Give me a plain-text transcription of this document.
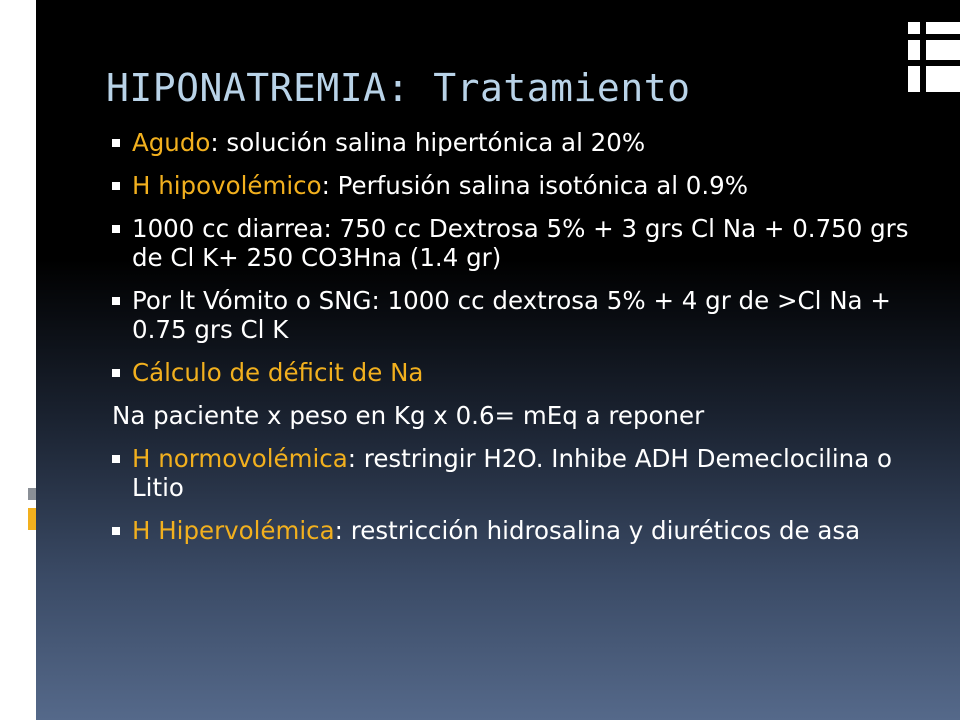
HIPONATREMIA: Tratamiento
Agudo: solución salina hipertónica al 20%
H hipovolémico: Perfusión salina isotónica al 0.9%
1000 cc diarrea: 750 cc Dextrosa 5% + 3 grs Cl Na + 0.750 grs de Cl K+ 250 CO3Hna (1.4 gr)
Por lt Vómito o SNG: 1000 cc dextrosa 5% + 4 gr de >Cl Na + 0.75 grs Cl K
Cálculo de déficit de Na
Na paciente x peso en Kg x 0.6= mEq a reponer
H normovolémica: restringir H2O. Inhibe ADH Demeclocilina o Litio
H Hipervolémica: restricción hidrosalina y diuréticos de asa
